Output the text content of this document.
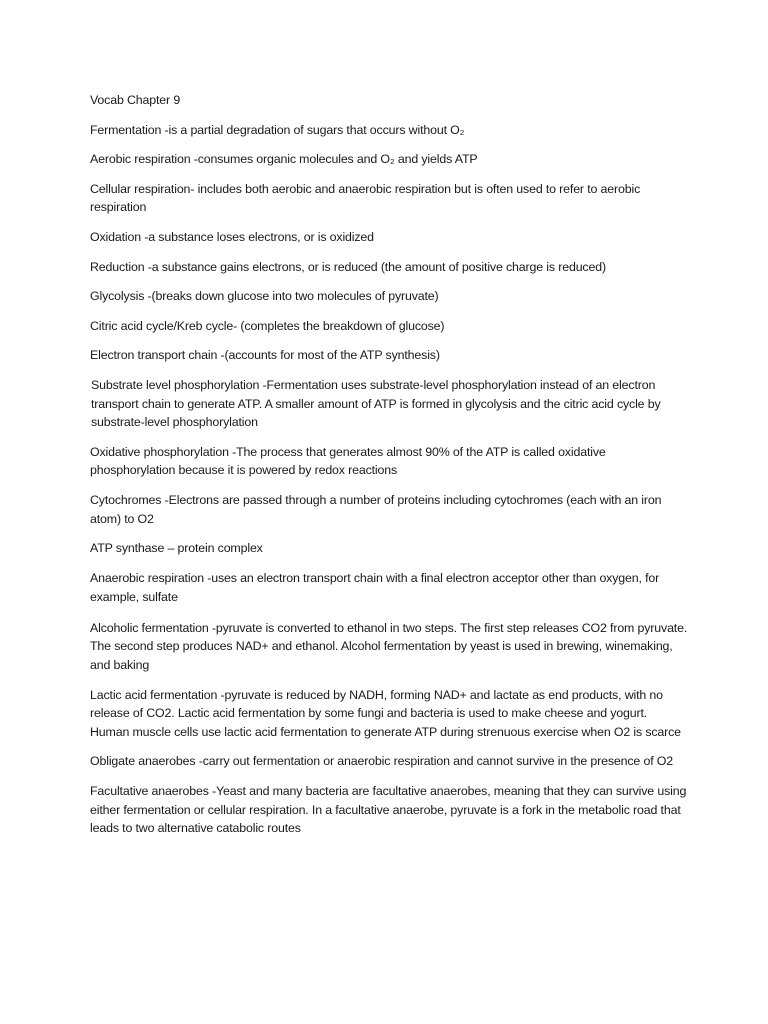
Vocab Chapter 9

Fermentation -is a partial degradation of sugars that occurs without O₂

Aerobic respiration -consumes organic molecules and O₂ and yields ATP

Cellular respiration- includes both aerobic and anaerobic respiration but is often used to refer to aerobic respiration

Oxidation -a substance loses electrons, or is oxidized

Reduction -a substance gains electrons, or is reduced (the amount of positive charge is reduced)

Glycolysis -(breaks down glucose into two molecules of pyruvate)

Citric acid cycle/Kreb cycle- (completes the breakdown of glucose)

Electron transport chain -(accounts for most of the ATP synthesis)

Substrate level phosphorylation -Fermentation uses substrate-level phosphorylation instead of an electron transport chain to generate ATP. A smaller amount of ATP is formed in glycolysis and the citric acid cycle by substrate-level phosphorylation

Oxidative phosphorylation -The process that generates almost 90% of the ATP is called oxidative phosphorylation because it is powered by redox reactions

Cytochromes -Electrons are passed through a number of proteins including cytochromes (each with an iron atom) to O2

ATP synthase – protein complex

Anaerobic respiration -uses an electron transport chain with a final electron acceptor other than oxygen, for example, sulfate

Alcoholic fermentation -pyruvate is converted to ethanol in two steps. The first step releases CO2 from pyruvate. The second step produces NAD+ and ethanol. Alcohol fermentation by yeast is used in brewing, winemaking, and baking

Lactic acid fermentation -pyruvate is reduced by NADH, forming NAD+ and lactate as end products, with no release of CO2. Lactic acid fermentation by some fungi and bacteria is used to make cheese and yogurt. Human muscle cells use lactic acid fermentation to generate ATP during strenuous exercise when O2 is scarce

Obligate anaerobes -carry out fermentation or anaerobic respiration and cannot survive in the presence of O2

Facultative anaerobes -Yeast and many bacteria are facultative anaerobes, meaning that they can survive using either fermentation or cellular respiration. In a facultative anaerobe, pyruvate is a fork in the metabolic road that leads to two alternative catabolic routes
